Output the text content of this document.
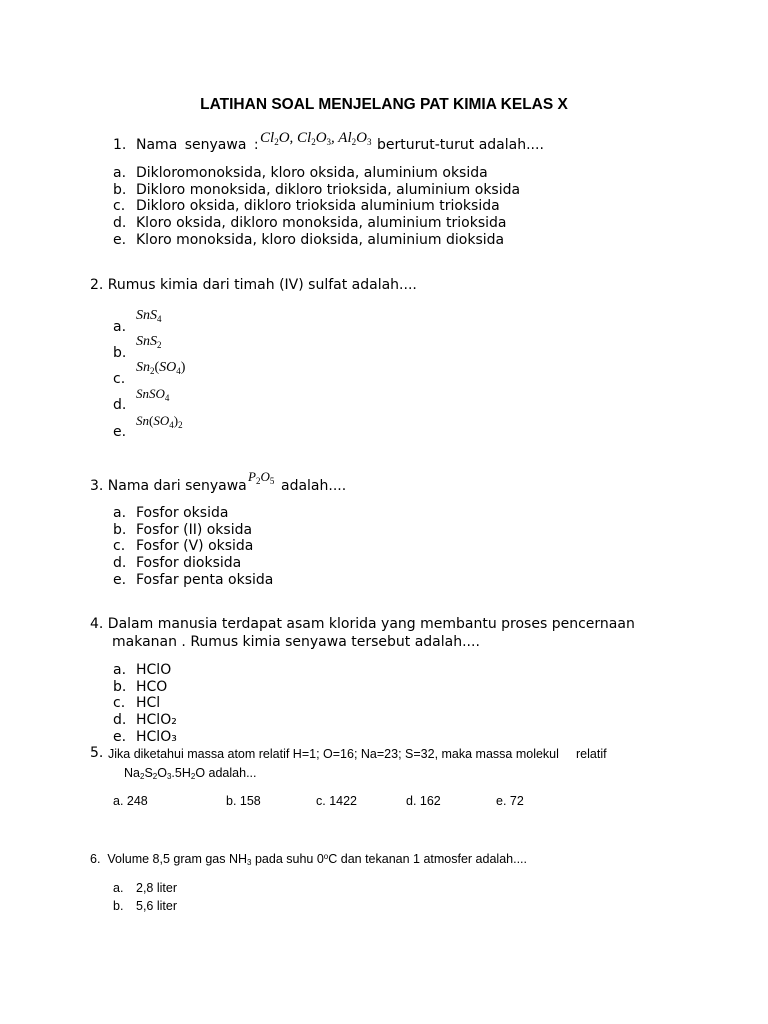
LATIHAN SOAL MENJELANG PAT KIMIA KELAS X
1. Nama senyawa : $Cl_2O$, $Cl_2O_3$, $Al_2O_3$ berturut-turut adalah....
a. Dikloromonoksida, kloro oksida, aluminium oksida
b. Dikloro monoksida, dikloro trioksida, aluminium oksida
c. Dikloro oksida, dikloro trioksida aluminium trioksida
d. Kloro oksida, dikloro monoksida, aluminium trioksida
e. Kloro monoksida, kloro dioksida, aluminium dioksida
2. Rumus kimia dari timah (IV) sulfat adalah....
a.
SnS$_4$
b.
SnS$_2$
c.
$Sn_2(SO_4)$
d.
SnSO$_4$
e.
$Sn(SO_4)_2$
3. Nama dari senyawa
$P_2O_5$ adalah....
a. Fosfor oksida
b. Fosfor (II) oksida
c. Fosfor (V) oksida
d. Fosfor dioksida
e. Fosfar penta oksida
4. Dalam manusia terdapat asam klorida yang membantu proses pencernaan
makanan . Rumus kimia senyawa tersebut adalah....
a. HClO
b. HCO
c. HCl
d. HClO₂
e. HClO₃
5. Jika diketahui massa atom relatif H=1; O=16; Na=23; S=32, maka massa molekul relatif
$Na_2S_2O_3.5H_2O$ adalah...
a. 248	b. 158	c. 1422	d. 162	e. 72
6. Volume 8,5 gram gas $NH_3$ pada suhu 0$^o$C dan tekanan 1 atmosfer adalah....
a. 2,8 liter
b. 5,6 liter
